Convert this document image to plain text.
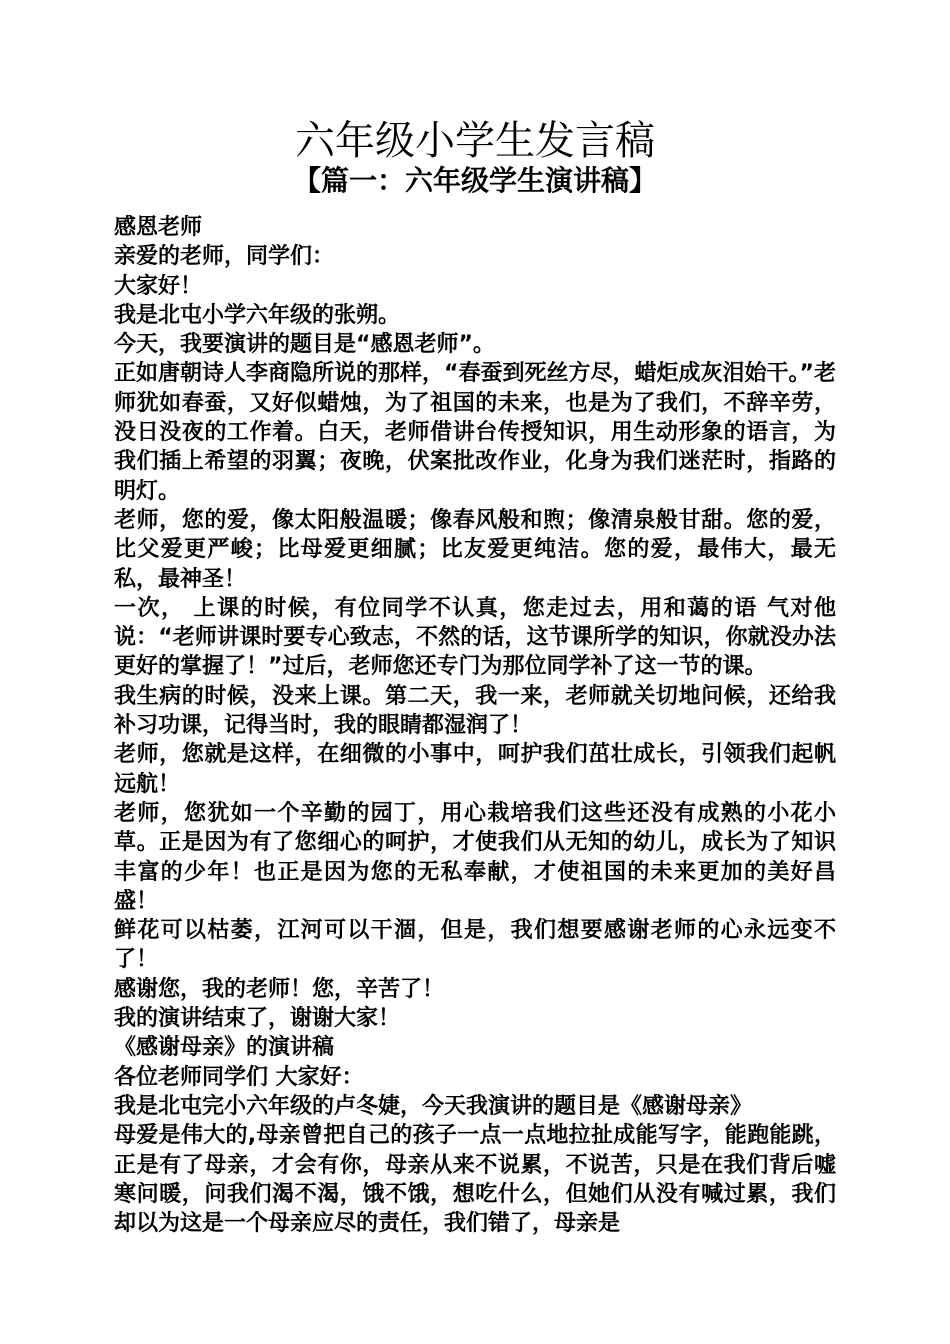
六年级小学生发言稿
【篇一：六年级学生演讲稿】

感恩老师

亲爱的老师，同学们：

大家好！

我是北屯小学六年级的张朔。

今天，我要演讲的题目是“感恩老师”。

正如唐朝诗人李商隐所说的那样，“春蚕到死丝方尽，蜡炬成灰泪始干。”老师犹如春蚕，又好似蜡烛，为了祖国的未来，也是为了我们，不辞辛劳，没日没夜的工作着。白天，老师借讲台传授知识，用生动形象的语言，为我们插上希望的羽翼；夜晚，伏案批改作业，化身为我们迷茫时，指路的明灯。

老师，您的爱，像太阳般温暖；像春风般和煦；像清泉般甘甜。您的爱，比父爱更严峻；比母爱更细腻；比友爱更纯洁。您的爱，最伟大，最无私，最神圣！

一次， 上课的时候，有位同学不认真，您走过去，用和蔼的语 气对他说：“老师讲课时要专心致志，不然的话，这节课所学的知识，你就没办法更好的掌握了！”过后，老师您还专门为那位同学补了这一节的课。

我生病的时候，没来上课。第二天，我一来，老师就关切地问候，还给我补习功课，记得当时，我的眼睛都湿润了！

老师，您就是这样，在细微的小事中，呵护我们茁壮成长，引领我们起帆远航！

老师，您犹如一个辛勤的园丁，用心栽培我们这些还没有成熟的小花小草。正是因为有了您细心的呵护，才使我们从无知的幼儿，成长为了知识丰富的少年！也正是因为您的无私奉献，才使祖国的未来更加的美好昌盛！

鲜花可以枯萎，江河可以干涸，但是，我们想要感谢老师的心永远变不了！

感谢您，我的老师！您，辛苦了！

我的演讲结束了，谢谢大家！

《感谢母亲》的演讲稿

各位老师同学们 大家好：

我是北屯完小六年级的卢冬婕，今天我演讲的题目是《感谢母亲》

母爱是伟大的,母亲曾把自己的孩子一点一点地拉扯成能写字，能跑能跳，正是有了母亲，才会有你，母亲从来不说累，不说苦，只是在我们背后嘘寒问暖，问我们渴不渴，饿不饿，想吃什么，但她们从没有喊过累，我们却以为这是一个母亲应尽的责任，我们错了，母亲是
